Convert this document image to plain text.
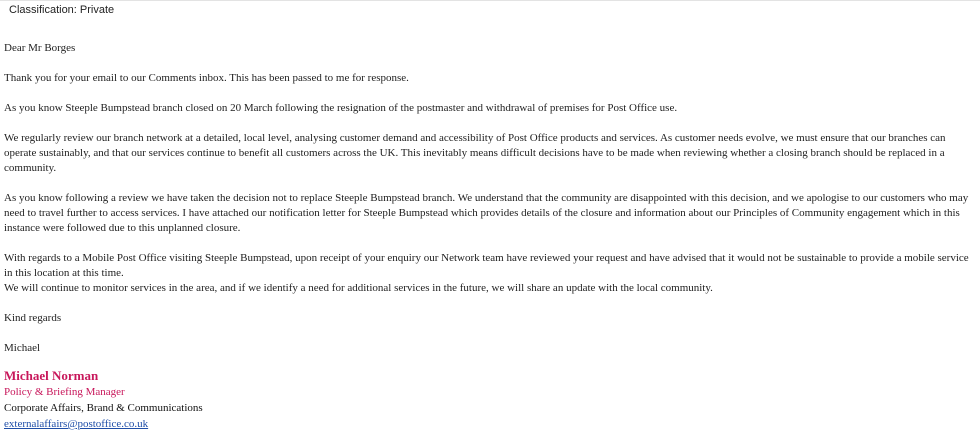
Classification: Private

Dear Mr Borges

Thank you for your email to our Comments inbox. This has been passed to me for response.

As you know Steeple Bumpstead branch closed on 20 March following the resignation of the postmaster and withdrawal of premises for Post Office use.

We regularly review our branch network at a detailed, local level, analysing customer demand and accessibility of Post Office products and services. As customer needs evolve, we must ensure that our branches can operate sustainably, and that our services continue to benefit all customers across the UK. This inevitably means difficult decisions have to be made when reviewing whether a closing branch should be replaced in a community.

As you know following a review we have taken the decision not to replace Steeple Bumpstead branch. We understand that the community are disappointed with this decision, and we apologise to our customers who may need to travel further to access services. I have attached our notification letter for Steeple Bumpstead which provides details of the closure and information about our Principles of Community engagement which in this instance were followed due to this unplanned closure.

With regards to a Mobile Post Office visiting Steeple Bumpstead, upon receipt of your enquiry our Network team have reviewed your request and have advised that it would not be sustainable to provide a mobile service in this location at this time.

We will continue to monitor services in the area, and if we identify a need for additional services in the future, we will share an update with the local community.

Kind regards

Michael

Michael Norman
Policy & Briefing Manager
Corporate Affairs, Brand & Communications
externalaffairs@postoffice.co.uk
